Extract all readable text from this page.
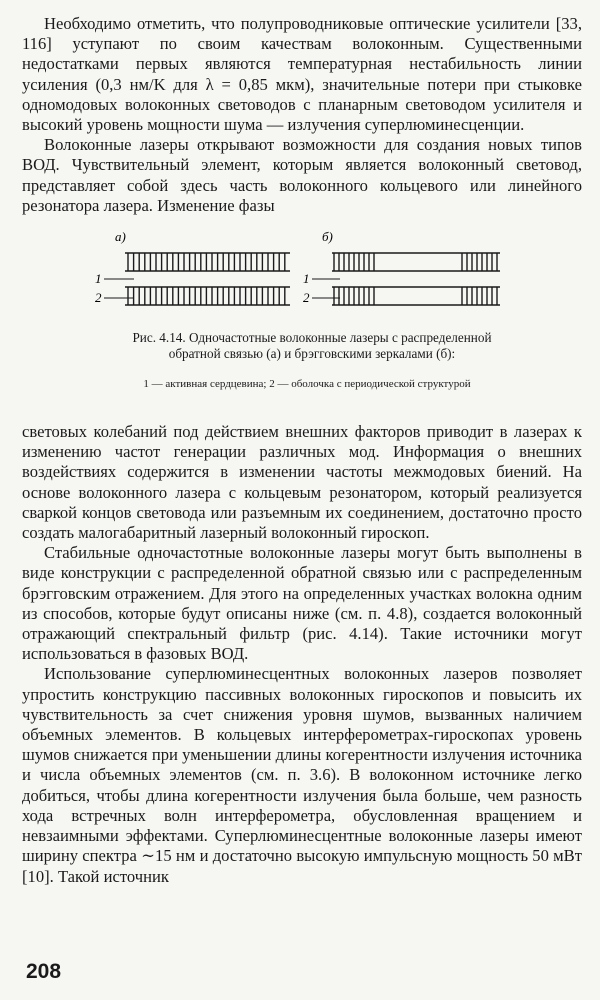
Необходимо отметить, что полупроводниковые оптические усилители [33, 116] уступают по своим качествам волоконным. Существенными недостатками первых являются температурная нестабильность линии усиления (0,3 нм/K для λ = 0,85 мкм), значительные потери при стыковке одномодовых волоконных световодов с планарным световодом усилителя и высокий уровень мощности шума — излучения суперлюминесценции.

Волоконные лазеры открывают возможности для создания новых типов ВОД. Чувствительный элемент, которым является волоконный световод, представляет собой здесь часть волоконного кольцевого или линейного резонатора лазера. Изменение фазы

а)	б)
1
2
1
2
Рис. 4.14. Одночастотные волоконные лазеры с распределенной обратной связью (а) и брэгговскими зеркалами (б):
1 — активная сердцевина; 2 — оболочка с периодической структурой

световых колебаний под действием внешних факторов приводит в лазерах к изменению частот генерации различных мод. Информация о внешних воздействиях содержится в изменении частоты межмодовых биений. На основе волоконного лазера с кольцевым резонатором, который реализуется сваркой концов световода или разъемным их соединением, достаточно просто создать малогабаритный лазерный волоконный гироскоп.

Стабильные одночастотные волоконные лазеры могут быть выполнены в виде конструкции с распределенной обратной связью или с распределенным брэгговским отражением. Для этого на определенных участках волокна одним из способов, которые будут описаны ниже (см. п. 4.8), создается волоконный отражающий спектральный фильтр (рис. 4.14). Такие источники могут использоваться в фазовых ВОД.

Использование суперлюминесцентных волоконных лазеров позволяет упростить конструкцию пассивных волоконных гироскопов и повысить их чувствительность за счет снижения уровня шумов, вызванных наличием объемных элементов. В кольцевых интерферометрах-гироскопах уровень шумов снижается при уменьшении длины когерентности излучения источника и числа объемных элементов (см. п. 3.6). В волоконном источнике легко добиться, чтобы длина когерентности излучения была больше, чем разность хода встречных волн интерферометра, обусловленная вращением и невзаимными эффектами. Суперлюминесцентные волоконные лазеры имеют ширину спектра ∼15 нм и достаточно высокую импульсную мощность 50 мВт [10]. Такой источник

208
